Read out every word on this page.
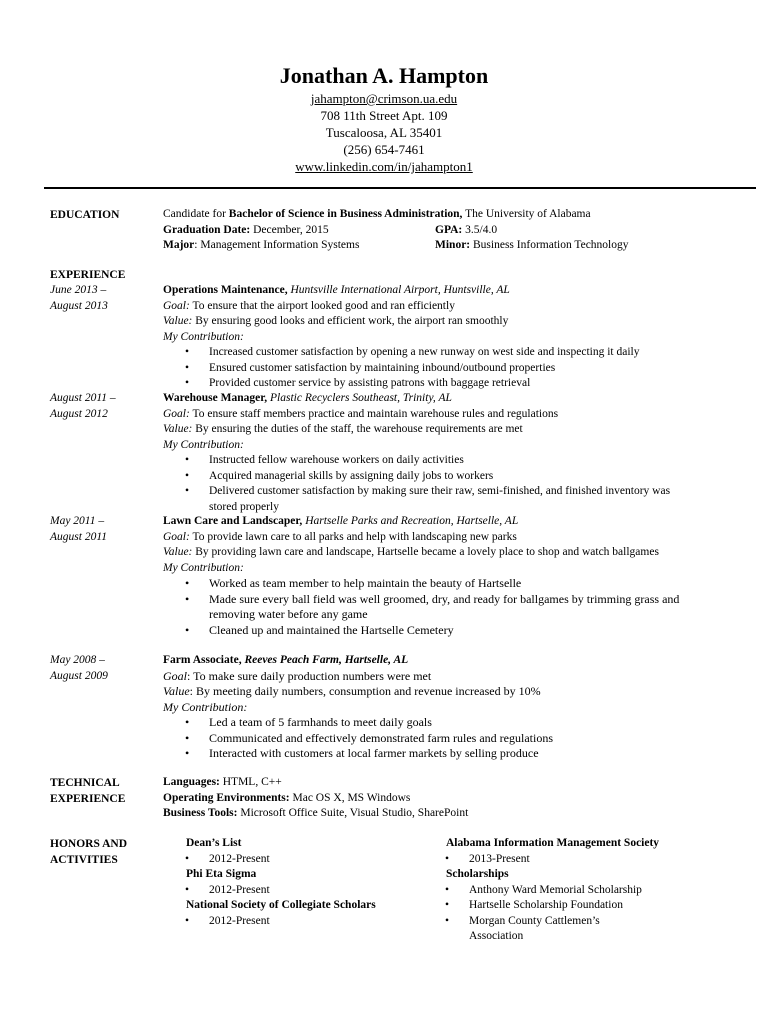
Jonathan A. Hampton
jahampton@crimson.ua.edu
708 11th Street Apt. 109
Tuscaloosa, AL 35401
(256) 654-7461
www.linkedin.com/in/jahampton1
EDUCATION	Candidate for Bachelor of Science in Business Administration, The University of Alabama
Graduation Date: December, 2015	GPA: 3.5/4.0
Major: Management Information Systems	Minor: Business Information Technology
EXPERIENCE
June 2013 –
August 2013
Operations Maintenance, Huntsville International Airport, Huntsville, AL
Goal: To ensure that the airport looked good and ran efficiently
Value: By ensuring good looks and efficient work, the airport ran smoothly
My Contribution:
• Increased customer satisfaction by opening a new runway on west side and inspecting it daily
• Ensured customer satisfaction by maintaining inbound/outbound properties
• Provided customer service by assisting patrons with baggage retrieval
August 2011 –
August 2012
Warehouse Manager, Plastic Recyclers Southeast, Trinity, AL
Goal: To ensure staff members practice and maintain warehouse rules and regulations
Value: By ensuring the duties of the staff, the warehouse requirements are met
My Contribution:
• Instructed fellow warehouse workers on daily activities
• Acquired managerial skills by assigning daily jobs to workers
• Delivered customer satisfaction by making sure their raw, semi-finished, and finished inventory was stored properly
May 2011 –
August 2011
Lawn Care and Landscaper, Hartselle Parks and Recreation, Hartselle, AL
Goal: To provide lawn care to all parks and help with landscaping new parks
Value: By providing lawn care and landscape, Hartselle became a lovely place to shop and watch ballgames
My Contribution:
• Worked as team member to help maintain the beauty of Hartselle
• Made sure every ball field was well groomed, dry, and ready for ballgames by trimming grass and removing water before any game
• Cleaned up and maintained the Hartselle Cemetery
May 2008 –
August 2009
Farm Associate, Reeves Peach Farm, Hartselle, AL
Goal: To make sure daily production numbers were met
Value: By meeting daily numbers, consumption and revenue increased by 10%
My Contribution:
• Led a team of 5 farmhands to meet daily goals
• Communicated and effectively demonstrated farm rules and regulations
• Interacted with customers at local farmer markets by selling produce
TECHNICAL
EXPERIENCE
Languages: HTML, C++
Operating Environments: Mac OS X, MS Windows
Business Tools: Microsoft Office Suite, Visual Studio, SharePoint
HONORS AND
ACTIVITIES
Dean’s List
• 2012-Present
Phi Eta Sigma
• 2012-Present
National Society of Collegiate Scholars
• 2012-Present
Alabama Information Management Society
• 2013-Present
Scholarships
• Anthony Ward Memorial Scholarship
• Hartselle Scholarship Foundation
• Morgan County Cattlemen’s Association
